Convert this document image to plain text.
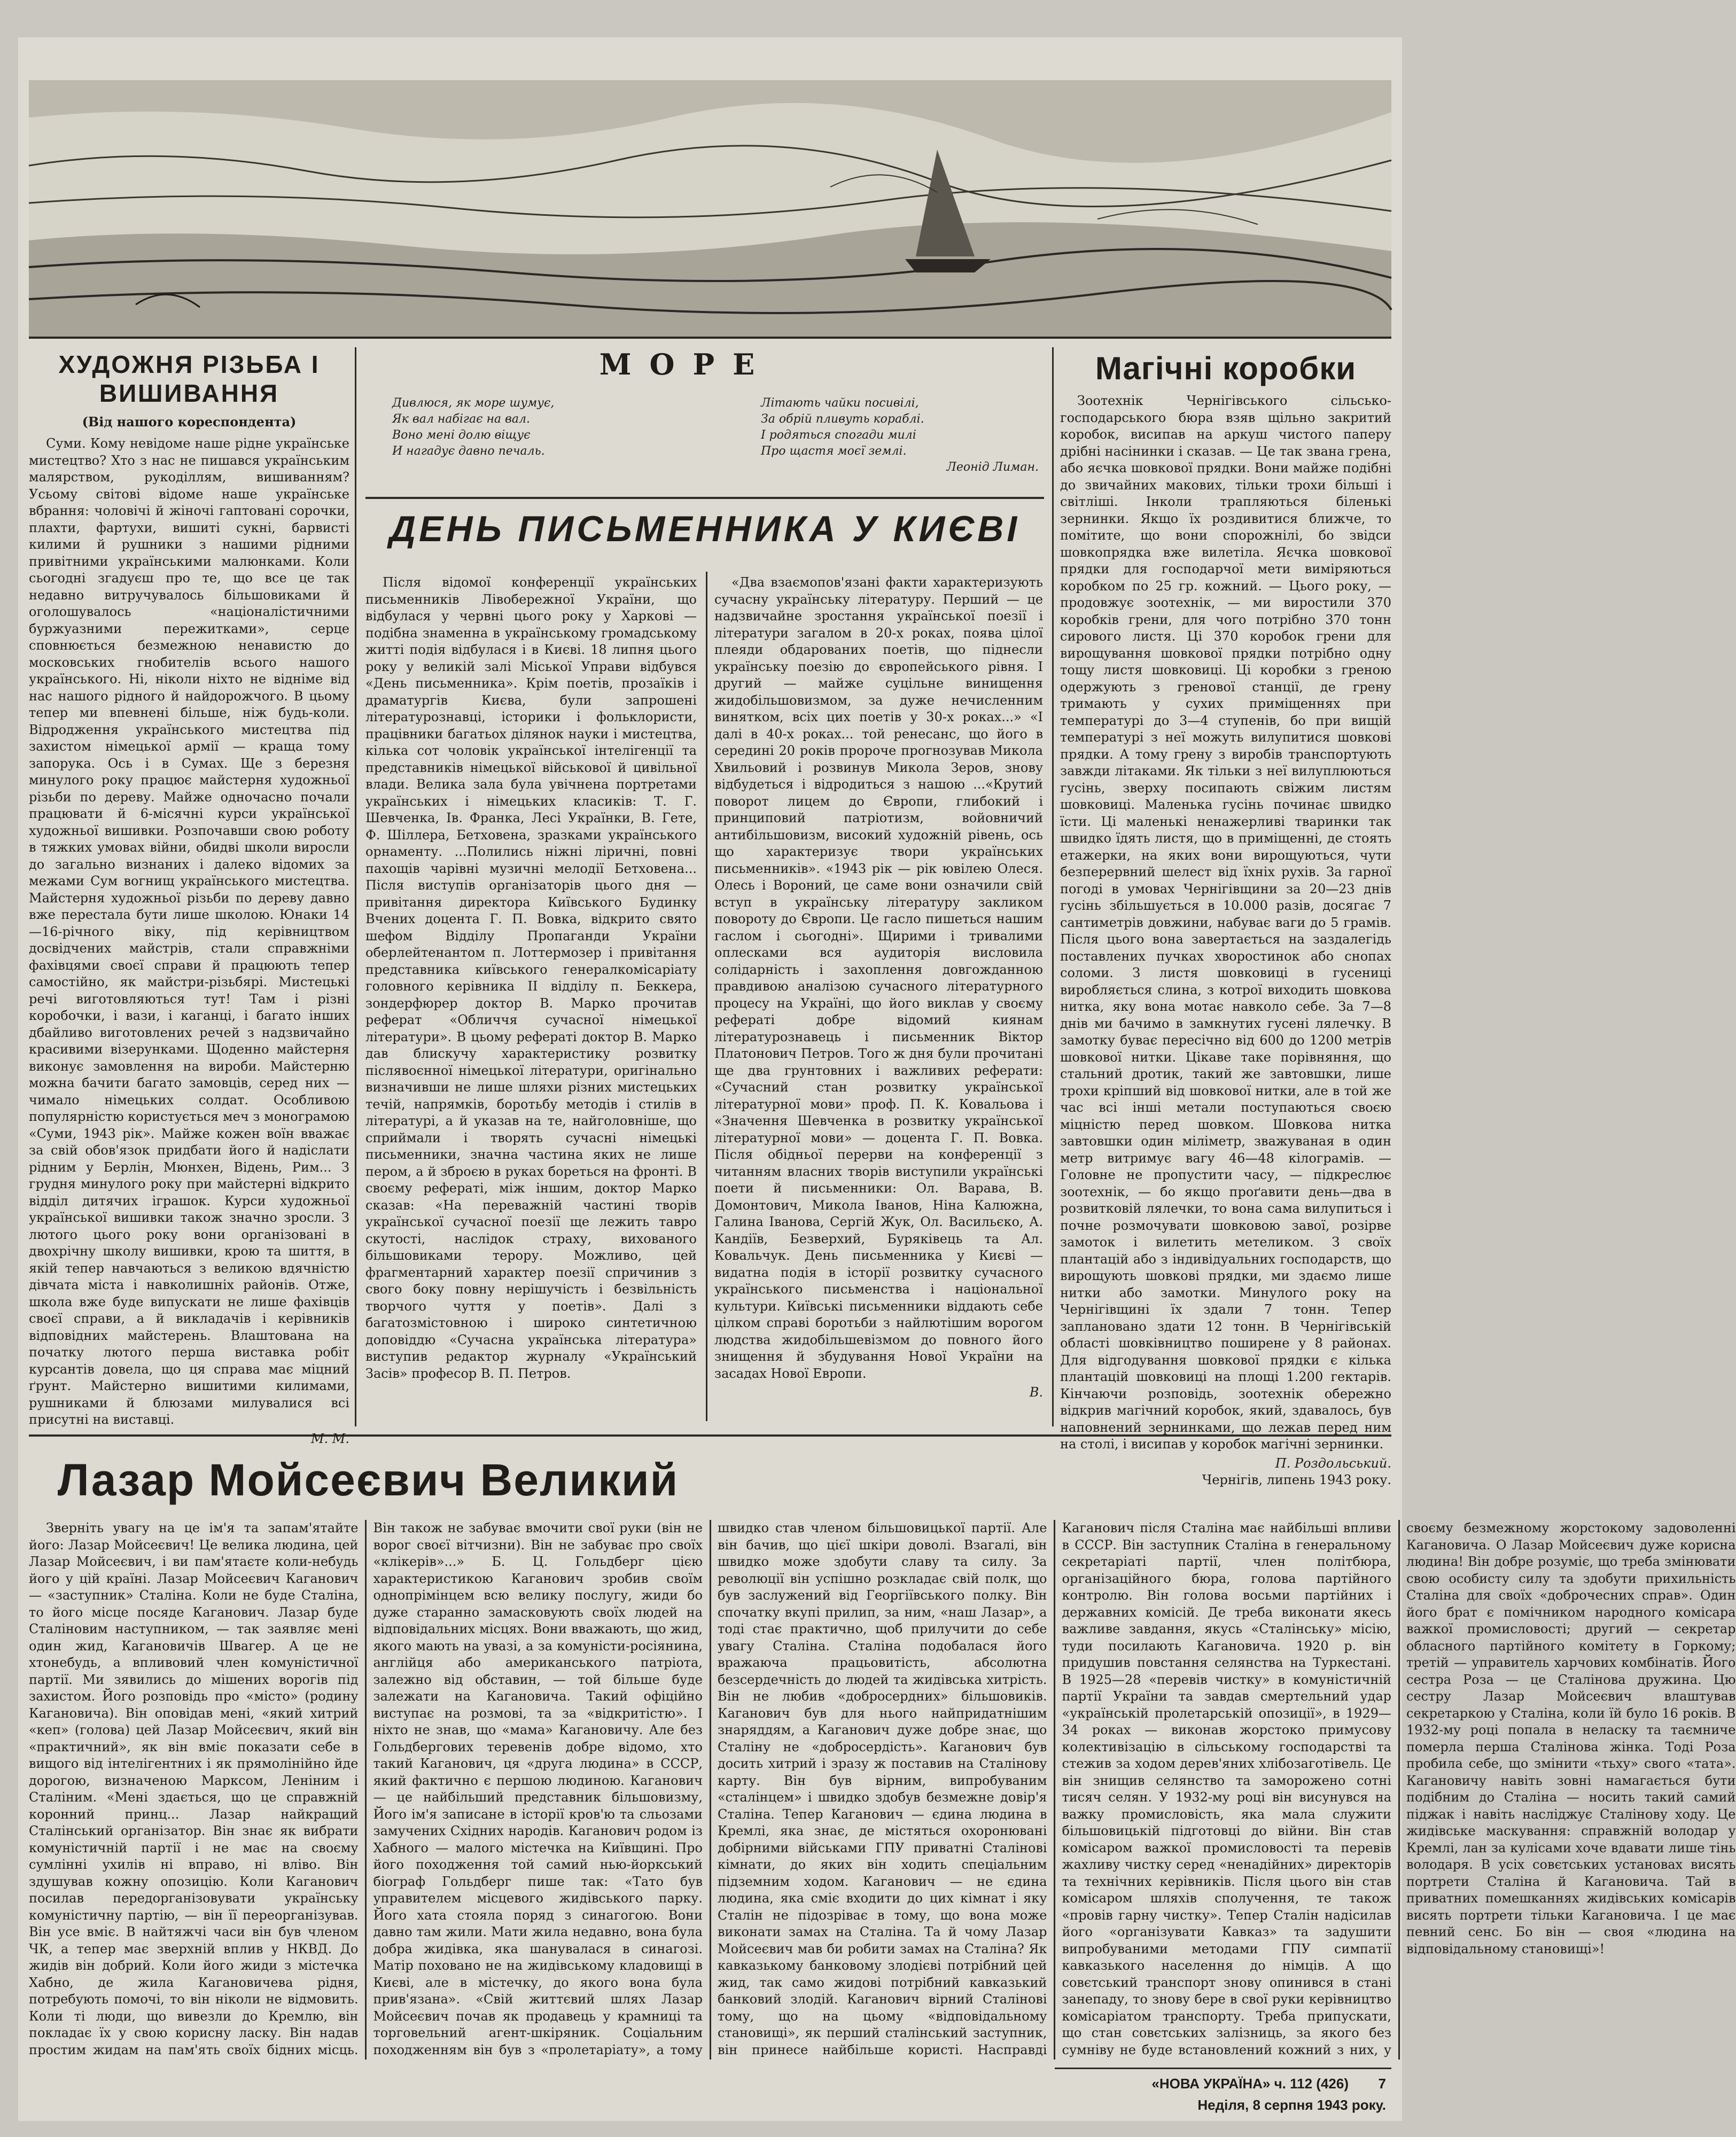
ХУДОЖНЯ РІЗЬБА І ВИШИВАННЯ
(Від нашого кореспондента)

Суми. Кому невідоме наше рідне українське мистецтво? Хто з нас не пишався українським малярством, рукоділлям, вишиванням? Усьому світові відоме наше українське вбрання: чоловічі й жіночі гаптовані сорочки, плахти, фартухи, вишиті сукні, барвисті килими й рушники з нашими рідними привітними українськими малюнками. Коли сьогодні згадуєш про те, що все це так недавно витручувалось більшовиками й оголошувалось «націоналістичними буржуазними пережитками», серце сповнюється безмежною ненавистю до московських гнобителів всього нашого українського. Ні, ніколи ніхто не відніме від нас нашого рідного й найдорожчого. В цьому тепер ми впевнені більше, ніж будь-коли. Відродження українського мистецтва під захистом німецької армії — краща тому запорука. Ось і в Сумах. Ще з березня минулого року працює майстерня художньої різьби по дереву. Майже одночасно почали працювати й 6-місячні курси української художньої вишивки. Розпочавши свою роботу в тяжких умовах війни, обидві школи виросли до загально визнаних і далеко відомих за межами Сум вогнищ українського мистецтва. Майстерня художньої різьби по дереву давно вже перестала бути лише школою. Юнаки 14—16-річного віку, під керівництвом досвідчених майстрів, стали справжніми фахівцями своєї справи й працюють тепер самостійно, як майстри-різьбярі. Мистецькі речі виготовляються тут! Там і різні коробочки, і вази, і каганці, і багато інших дбайливо виготовлених речей з надзвичайно красивими візерунками. Щоденно майстерня виконує замовлення на вироби. Майстерню можна бачити багато замовців, серед них — чимало німецьких солдат. Особливою популярністю користується меч з монограмою «Суми, 1943 рік». Майже кожен воїн вважає за свій обов'язок придбати його й надіслати рідним у Берлін, Мюнхен, Відень, Рим... З грудня минулого року при майстерні відкрито відділ дитячих іграшок. Курси художньої української вишивки також значно зросли. З лютого цього року вони організовані в двохрічну школу вишивки, крою та шиття, в якій тепер навчаються з великою вдячністю дівчата міста і навколишніх районів. Отже, школа вже буде випускати не лише фахівців своєї справи, а й викладачів і керівників відповідних майстерень. Влаштована на початку лютого перша виставка робіт курсантів довела, що ця справа має міцний ґрунт. Майстерно вишитими килимами, рушниками й блюзами милувалися всі присутні на виставці.

М. М.
МОРЕ
Дивлюся, як море шумує,
Як вал набігає на вал.
Воно мені долю віщує
И нагадує давно печаль.
Літають чайки посивілі,
За обрій пливуть кораблі.
І родяться спогади милі
Про щастя моєї землі.
Леонід Лиман.
ДЕНЬ ПИСЬМЕННИКА У КИЄВІ

Після відомої конференції українських письменників Лівобережної України, що відбулася у червні цього року у Харкові — подібна знаменна в українському громадському житті подія відбулася і в Києві. 18 липня цього року у великій залі Міської Управи відбувся «День письменника». Крім поетів, прозаїків і драматургів Києва, були запрошені літературознавці, історики і фольклористи, працівники багатьох ділянок науки і мистецтва, кілька сот чоловік української інтелігенції та представників німецької військової й цивільної влади. Велика зала була увічнена портретами українських і німецьких класиків: Т. Г. Шевченка, Ів. Франка, Лесі Українки, В. Гете, Ф. Шіллера, Бетховена, зразками українського орнаменту. ...Полились ніжні ліричні, повні пахощів чарівні музичні мелодії Бетховена... Після виступів організаторів цього дня — привітання директора Київського Будинку Вчених доцента Г. П. Вовка, відкрито свято шефом Відділу Пропаганди України оберлейтенантом п. Лоттермозер і привітання представника київського генералкомісаріату головного керівника II відділу п. Беккера, зондерфюрер доктор В. Марко прочитав реферат «Обличчя сучасної німецької літератури». В цьому рефераті доктор В. Марко дав блискучу характеристику розвитку післявоєнної німецької літератури, оригінально визначивши не лише шляхи різних мистецьких течій, напрямків, боротьбу методів і стилів в літературі, а й указав на те, найголовніше, що сприймали і творять сучасні німецькі письменники, значна частина яких не лише пером, а й зброєю в руках бореться на фронті. В своєму рефераті, між іншим, доктор Марко сказав: «На переважній частині творів української сучасної поезії ще лежить тавро скутості, наслідок страху, вихованого більшовиками терору. Можливо, цей фрагментарний характер поезії спричинив з свого боку повну нерішучість і безвільність творчого чуття у поетів». Далі з багатозмістовною і широко синтетичною доповіддю «Сучасна українська література» виступив редактор журналу «Український Засів» професор В. П. Петров.

«Два взаємопов'язані факти характеризують сучасну українську літературу. Перший — це надзвичайне зростання української поезії і літератури загалом в 20-х роках, поява цілої плеяди обдарованих поетів, що піднесли українську поезію до європейського рівня. І другий — майже суцільне винищення жидобільшовизмом, за дуже нечисленним винятком, всіх цих поетів у 30-х роках...» «І далі в 40-х роках... той ренесанс, що його в середині 20 років пророче прогнозував Микола Хвильовий і розвинув Микола Зеров, знову відбудеться і відродиться з нашою ...«Крутий поворот лицем до Європи, глибокий і принциповий патріотизм, войовничий антибільшовизм, високий художній рівень, ось що характеризує твори українських письменників». «1943 рік — рік ювілею Олеся. Олесь і Вороний, це саме вони означили свій вступ в українську літературу закликом повороту до Європи. Це гасло пишеться нашим гаслом і сьогодні». Щирими і тривалими оплесками вся аудиторія висловила солідарність і захоплення довгожданною правдивою аналізою сучасного літературного процесу на Україні, що його виклав у своєму рефераті добре відомий киянам літературознавець і письменник Віктор Платонович Петров. Того ж дня були прочитані ще два грунтовних і важливих реферати: «Сучасний стан розвитку української літературної мови» проф. П. К. Ковальова і «Значення Шевченка в розвитку української літературної мови» — доцента Г. П. Вовка. Після обідньої перерви на конференції з читанням власних творів виступили українські поети й письменники: Ол. Варава, В. Домонтович, Микола Іванов, Ніна Калюжна, Галина Іванова, Сергій Жук, Ол. Васильєко, А. Кандіїв, Безверхий, Буряківець та Ал. Ковальчук. День письменника у Києві — видатна подія в історії розвитку сучасного українського письменства і національної культури. Київські письменники віддають себе цілком справі боротьби з найлютішим ворогом людства жидобільшевізмом до повного його знищення й збудування Нової України на засадах Нової Европи.

В.
Магічні коробки

Зоотехнік Чернігівського сільсько-господарського бюра взяв щільно закритий коробок, висипав на аркуш чистого паперу дрібні насінинки і сказав. — Це так звана грена, або яєчка шовкової прядки. Вони майже подібні до звичайних макових, тільки трохи більші і світліші. Інколи трапляються біленькі зернинки. Якщо їх роздивитися ближче, то помітите, що вони спорожнілі, бо звідси шовкопрядка вже вилетіла. Яєчка шовкової прядки для господарчої мети виміряються коробком по 25 гр. кожний. — Цього року, — продовжує зоотехнік, — ми виростили 370 коробків грени, для чого потрібно 370 тонн сирового листя. Ці 370 коробок грени для вирощування шовкової прядки потрібно одну тощу листя шовковиці. Ці коробки з греною одержують з гренової станції, де грену тримають у сухих приміщеннях при температурі до 3—4 ступенів, бо при вищій температурі з неї можуть вилупитися шовкові прядки. А тому грену з виробів транспортують завжди літаками. Як тільки з неї вилуплюються гусінь, зверху посипають свіжим листям шовковиці. Маленька гусінь починає швидко їсти. Ці маленькі ненажерливі тваринки так швидко їдять листя, що в приміщенні, де стоять етажерки, на яких вони вирощуються, чути безперервний шелест від їхніх рухів. За гарної погоді в умовах Чернігівщини за 20—23 днів гусінь збільшується в 10.000 разів, досягає 7 сантиметрів довжини, набуває ваги до 5 грамів. Після цього вона завертається на заздалегідь поставлених пучках хворостинок або снопах соломи. З листя шовковиці в гусениці виробляється слина, з котрої виходить шовкова нитка, яку вона мотає навколо себе. За 7—8 днів ми бачимо в замкнутих гусені лялечку. В замотку буває пересічно від 600 до 1200 метрів шовкової нитки. Цікаве таке порівняння, що стальний дротик, такий же завтовшки, лише трохи кріпший від шовкової нитки, але в той же час всі інші метали поступаються своєю міцністю перед шовком. Шовкова нитка завтовшки один міліметр, зважуваная в один метр витримує вагу 46—48 кілограмів. — Головне не пропустити часу, — підкреслює зоотехнік, — бо якщо проґавити день—два в розвитковій лялечки, то вона сама вилупиться і почне розмочувати шовковою завої, розірве замоток і вилетить метеликом. З своїх плантацій або з індивідуальних господарств, що вирощують шовкові прядки, ми здаємо лише нитки або замотки. Минулого року на Чернігівщині їх здали 7 тонн. Тепер заплановано здати 12 тонн. В Чернігівській області шовківництво поширене у 8 районах. Для відгодування шовкової прядки є кілька плантацій шовковиці на площі 1.200 гектарів. Кінчаючи розповідь, зоотехнік обережно відкрив магічний коробок, який, здавалось, був наповнений зернинками, що лежав перед ним на столі, і висипав у коробок магічні зернинки.

П. Роздольський.
Чернігів, липень 1943 року.
Лазар Мойсеєвич Великий

Зверніть увагу на це ім'я та запам'ятайте його: Лазар Мойсеєвич! Це велика людина, цей Лазар Мойсеєвич, і ви пам'ятаєте коли-небудь його у цій країні. Лазар Мойсеєвич Каганович — «заступник» Сталіна. Коли не буде Сталіна, то його місце посяде Каганович. Лазар буде Сталіновим наступником, — так заявляє мені один жид, Кагановичів Швагер. А це не хтонебудь, а впливовий член комуністичної партії. Ми зявились до мішених ворогів під захистом. Його розповідь про «місто» (родину Кагановича). Він оповідав мені, «який хитрий «кеп» (голова) цей Лазар Мойсеєвич, який він «практичний», як він вміє показати себе в вищого від інтелігентних і як прямолінійно йде дорогою, визначеною Марксом, Леніним і Сталіним. «Мені здається, що це справжній коронний принц... Лазар найкращий Сталінський організатор. Він знає як вибрати комуністичній партії і не має на своєму сумлінні ухилів ні вправо, ні вліво. Він здушував кожну опозицію. Коли Каганович посилав передорганізовувати українську комуністичну партію, — він її переорганізував. Він усе вміє. В найтяжчі часи він був членом ЧК, а тепер має зверхній вплив у НКВД. До жидів він добрий. Коли його жиди з містечка Хабно, де жила Кагановичева рідня, потребують помочі, то він ніколи не відмовить. Коли ті люди, що вивезли до Кремлю, він покладає їх у свою корисну ласку. Він надав простим жидам на пам'ять своїх бідних місць. Він також не забуває вмочити свої руки (він не ворог своєї вітчизни). Він не забуває про своїх «клікерів»...» Б. Ц. Гольдберг цією характеристикою Каганович зробив своїм однопрімінцем всю велику послугу, жиди бо дуже старанно замасковують своїх людей на відповідальних місцях. Вони вважають, що жид, якого мають на увазі, а за комуністи-росіянина, англійця або американського патріота, залежно від обставин, — той більше буде залежати на Кагановича. Такий офіційно виступає на розмові, та за «відкритістю». І ніхто не знав, що «мама» Кагановичу. Але без Гольдбергових теревенів добре відомо, хто такий Каганович, ця «друга людина» в СССР, який фактично є першою людиною. Каганович — це найбільший представник більшовизму, Його ім'я записане в історії кров'ю та сльозами замучених Східних народів. Каганович родом із Хабного — малого містечка на Київщині. Про його походження той самий нью-йоркський біограф Гольдберг пише так: «Тато був управителем місцевого жидівського парку. Його хата стояла поряд з синагогою. Вони давно там жили. Мати жила недавно, вона була добра жидівка, яка шанувалася в синагозі. Матір поховано не на жидівському кладовищі в Києві, але в містечку, до якого вона була прив'язана». «Свій життєвий шлях Лазар Мойсеєвич почав як продавець у крамниці та торговельний агент-шкіряник. Соціальним походженням він був з «пролетаріату», а тому швидко став членом більшовицької партії. Але він бачив, що цієї шкіри доволі. Взагалі, він швидко може здобути славу та силу. За революції він успішно розкладає свій полк, що був заслужений від Георгіївського полку. Він спочатку вкупі прилип, за ним, «наш Лазар», а тоді стає практично, щоб прилучити до себе увагу Сталіна. Сталіна подобалася його вражаюча працьовитість, абсолютна безсердечність до людей та жидівська хитрість. Він не любив «добросердних» більшовиків. Каганович був для нього найпридатнішим знаряддям, а Каганович дуже добре знає, що Сталіну не «добросердість». Каганович був досить хитрий і зразу ж поставив на Сталінову карту. Він був вірним, випробуваним «сталінцем» і швидко здобув безмежне довір'я Сталіна. Тепер Каганович — єдина людина в Кремлі, яка знає, де містяться охоронювані добірними військами ГПУ приватні Сталінові кімнати, до яких він ходить спеціальним підземним ходом. Каганович — не єдина людина, яка сміє входити до цих кімнат і яку Сталін не підозріває в тому, що вона може виконати замах на Сталіна. Та й чому Лазар Мойсеєвич мав би робити замах на Сталіна? Як кавказькому банковому злодієві потрібний цей жид, так само жидові потрібний кавказький банковий злодій. Каганович вірний Сталінові тому, що на цьому «відповідальному становищі», як перший сталінський заступник, він принесе найбільше користі. Насправді Каганович після Сталіна має найбільші впливи в СССР. Він заступник Сталіна в генеральному секретаріаті партії, член політбюра, організаційного бюра, голова партійного контролю. Він голова восьми партійних і державних комісій. Де треба виконати якесь важливе завдання, якусь «Сталінську» місію, туди посилають Кагановича. 1920 р. він придушив повстання селянства на Туркестані. В 1925—28 «перевів чистку» в комуністичній партії України та завдав смертельний удар «українській пролетарській опозиції», в 1929—34 роках — виконав жорстоко примусову колективізацію в сільському господарстві та стежив за ходом дерев'яних хлібозаготівель. Це він знищив селянство та заморожено сотні тисяч селян. У 1932-му році він висунувся на важку промисловість, яка мала служити більшовицькій підготовці до війни. Він став комісаром важкої промисловості та перевів жахливу чистку серед «ненадійних» директорів та технічних керівників. Після цього він став комісаром шляхів сполучення, те також «провів гарну чистку». Тепер Сталін надісилав його «організувати Кавказ» та задушити випробуваними методами ГПУ симпатії кавказького населення до німців. А що совєтський транспорт знову опинився в стані занепаду, то знову бере в свої руки керівництво комісаріатом транспорту. Треба припускати, що стан совєтських залізниць, за якого без сумніву не буде встановлений кожний з них, у своєму безмежному жорстокому задоволенні Кагановича. О Лазар Мойсеєвич дуже корисна людина! Він добре розуміє, що треба змінювати свою особисту силу та здобути прихильність Сталіна для своїх «доброчесних справ». Один його брат є помічником народного комісара важкої промисловості; другий — секретар обласного партійного комітету в Горкому; третій — управитель харчових комбінатів. Його сестра Роза — це Сталінова дружина. Цю сестру Лазар Мойсеєвич влаштував секретаркою у Сталіна, коли їй було 16 років. В 1932-му році попала в неласку та таємниче померла перша Сталінова жінка. Тоді Роза пробила себе, що змінити «тьху» свого «тата». Кагановичу навіть зовні намагається бути подібним до Сталіна — носить такий самий піджак і навіть насліджує Сталінову ходу. Це жидівське маскування: справжній володар у Кремлі, лан за кулісами хоче вдавати лише тінь володаря. В усіх совєтських установах висять портрети Сталіна й Кагановича. Тай в приватних помешканнях жидівських комісарів висять портрети тільки Кагановича. І це має певний сенс. Бо він — своя «людина на відповідальному становищі»!

«НОВА УКРАЇНА» ч. 112 (426)	7
Неділя, 8 серпня 1943 року.
